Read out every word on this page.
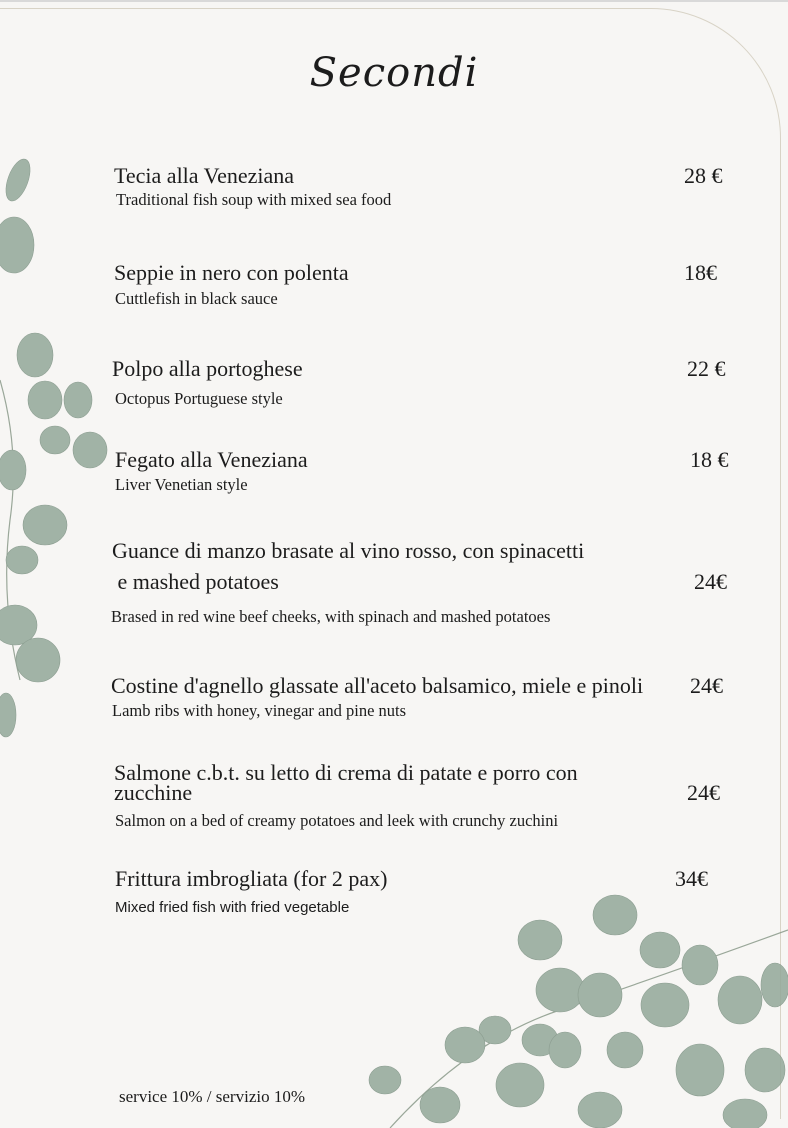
Secondi
Tecia alla Veneziana
Traditional fish soup with mixed sea food
28 €
Seppie in nero con polenta
Cuttlefish in black sauce
18€
Polpo alla portoghese
Octopus Portuguese style
22 €
Fegato alla Veneziana
Liver Venetian style
18 €
Guance di manzo brasate al vino rosso, con spinacetti
e mashed potatoes
Brased in red wine beef cheeks, with spinach and mashed potatoes
24€
Costine d'agnello glassate all'aceto balsamico, miele e pinoli
Lamb ribs with honey, vinegar and pine nuts
24€
Salmone c.b.t. su letto di crema di patate e porro con
zucchine
Salmon on a bed of creamy potatoes and leek with crunchy zuchini
24€
Frittura imbrogliata (for 2 pax)
Mixed fried fish with fried vegetable
34€
service 10% / servizio 10%
